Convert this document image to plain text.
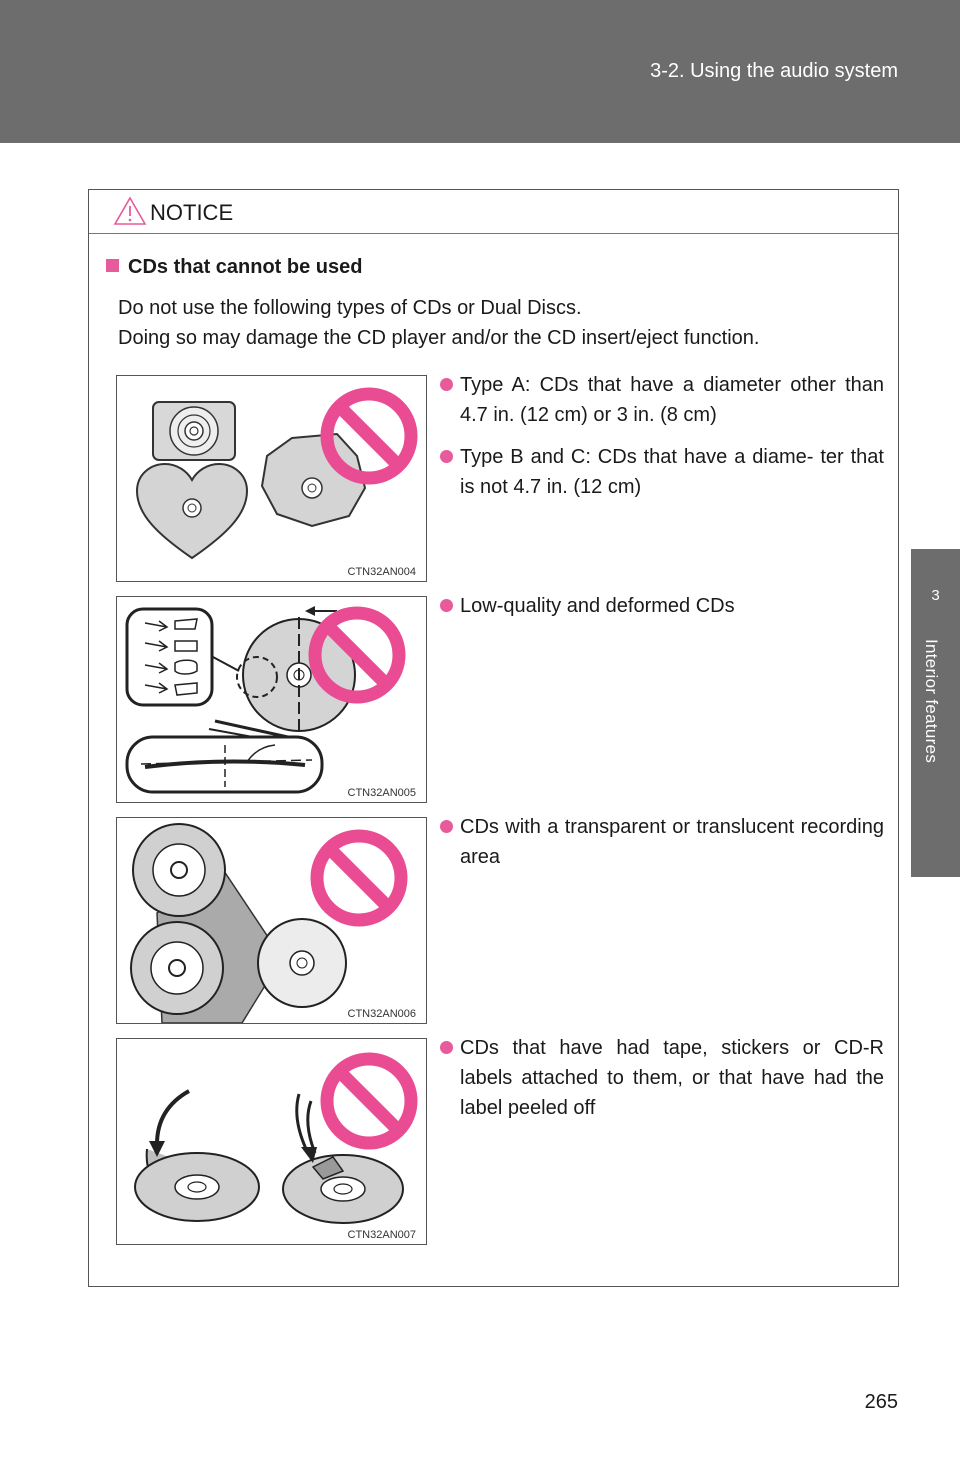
3-2. Using the audio system
3
Interior features
NOTICE
CDs that cannot be used

Do not use the following types of CDs or Dual Discs.

Doing so may damage the CD player and/or the CD insert/eject function.

CTN32AN004
Type A: CDs that have a diameter other than 4.7 in. (12 cm) or 3 in. (8 cm)
Type B and C: CDs that have a diame- ter that is not 4.7 in. (12 cm)
CTN32AN005
Low-quality and deformed CDs
CTN32AN006
CDs with a transparent or translucent recording area
CTN32AN007
CDs that have had tape, stickers or CD-R labels attached to them, or that have had the label peeled off
265
